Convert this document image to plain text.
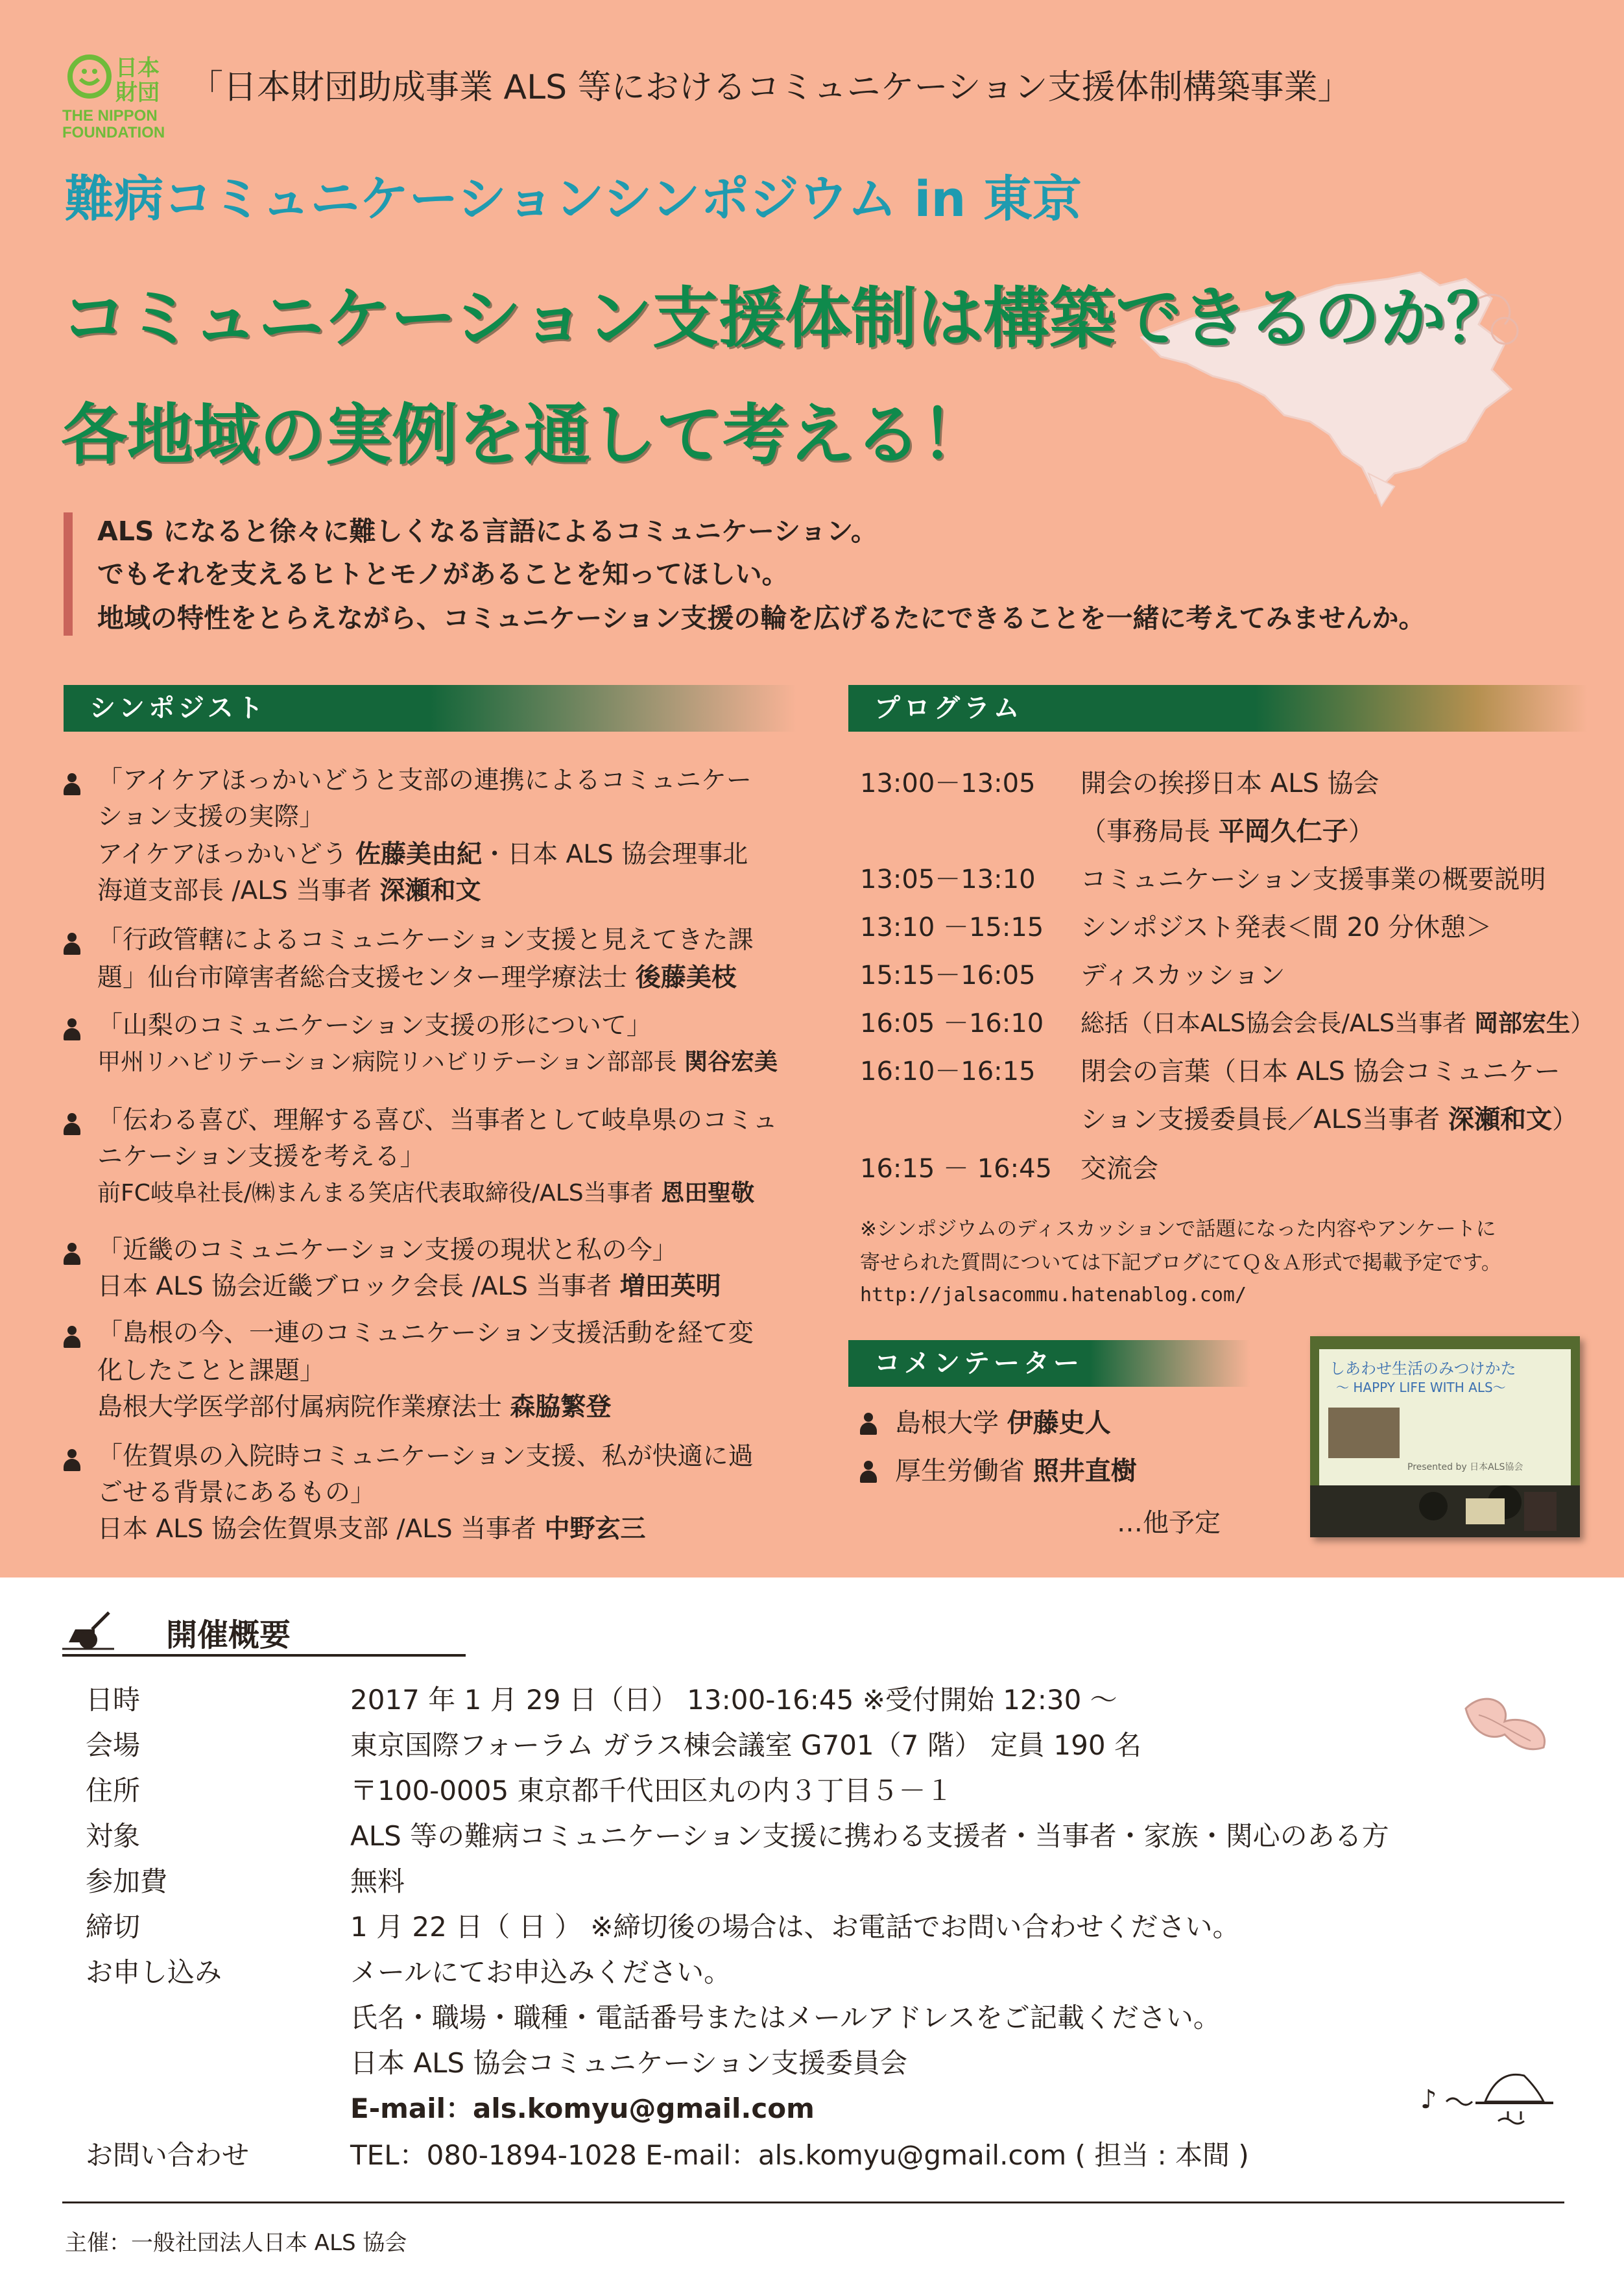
日本
財団
THE NIPPON
FOUNDATION
「日本財団助成事業 ALS 等におけるコミュニケーション支援体制構築事業」
難病コミュニケーションシンポジウム in 東京
コミュニケーション支援体制は構築できるのか？
各地域の実例を通して考える！
ALS になると徐々に難しくなる言語によるコミュニケーション。
でもそれを支えるヒトとモノがあることを知ってほしい。
地域の特性をとらえながら、コミュニケーション支援の輪を広げるたにできることを一緒に考えてみませんか。
シンポジスト
「アイケアほっかいどうと支部の連携によるコミュニケー
ション支援の実際」
アイケアほっかいどう 佐藤美由紀・日本 ALS 協会理事北
海道支部長 /ALS 当事者 深瀬和文
「行政管轄によるコミュニケーション支援と見えてきた課
題」仙台市障害者総合支援センター理学療法士 後藤美枝
「山梨のコミュニケーション支援の形について」
甲州リハビリテーション病院リハビリテーション部部長 関谷宏美
「伝わる喜び、理解する喜び、当事者として岐阜県のコミュ
ニケーション支援を考える」
前FC岐阜社長/㈱まんまる笑店代表取締役/ALS当事者 恩田聖敬
「近畿のコミュニケーション支援の現状と私の今」
日本 ALS 協会近畿ブロック会長 /ALS 当事者 増田英明
「島根の今、一連のコミュニケーション支援活動を経て変
化したことと課題」
島根大学医学部付属病院作業療法士 森脇繁登
「佐賀県の入院時コミュニケーション支援、私が快適に過
ごせる背景にあるもの」
日本 ALS 協会佐賀県支部 /ALS 当事者 中野玄三
プログラム
13:00－13:05 開会の挨拶日本 ALS 協会
（事務局長 平岡久仁子）
13:05－13:10 コミュニケーション支援事業の概要説明
13:10 －15:15 シンポジスト発表＜間 20 分休憩＞
15:15－16:05 ディスカッション
16:05 －16:10 総括（日本ALS協会会長/ALS当事者 岡部宏生）
16:10－16:15 閉会の言葉（日本 ALS 協会コミュニケー
ション支援委員長／ALS当事者 深瀬和文）
16:15 － 16:45 交流会
※シンポジウムのディスカッションで話題になった内容やアンケートに
寄せられた質問については下記ブログにてＱ＆Ａ形式で掲載予定です。
http://jalsacommu.hatenablog.com/
コメンテーター
島根大学 伊藤史人
厚生労働省 照井直樹
…他予定
しあわせ生活のみつけかた
～ HAPPY LIFE WITH ALS～
Presented by 日本ALS協会
開催概要
日時	2017 年 1 月 29 日（日） 13:00-16:45 ※受付開始 12:30 ～
会場	東京国際フォーラム ガラス棟会議室 G701（7 階） 定員 190 名
住所	〒100-0005 東京都千代田区丸の内３丁目５－１
対象	ALS 等の難病コミュニケーション支援に携わる支援者・当事者・家族・関心のある方
参加費	無料
締切	1 月 22 日（ 日 ） ※締切後の場合は、お電話でお問い合わせください。
お申し込み	メールにてお申込みください。
氏名・職場・職種・電話番号またはメールアドレスをご記載ください。
日本 ALS 協会コミュニケーション支援委員会
E-mail：als.komyu@gmail.com
お問い合わせ	TEL：080-1894-1028 E-mail：als.komyu@gmail.com ( 担当 : 本間 )
♪
主催：一般社団法人日本 ALS 協会
